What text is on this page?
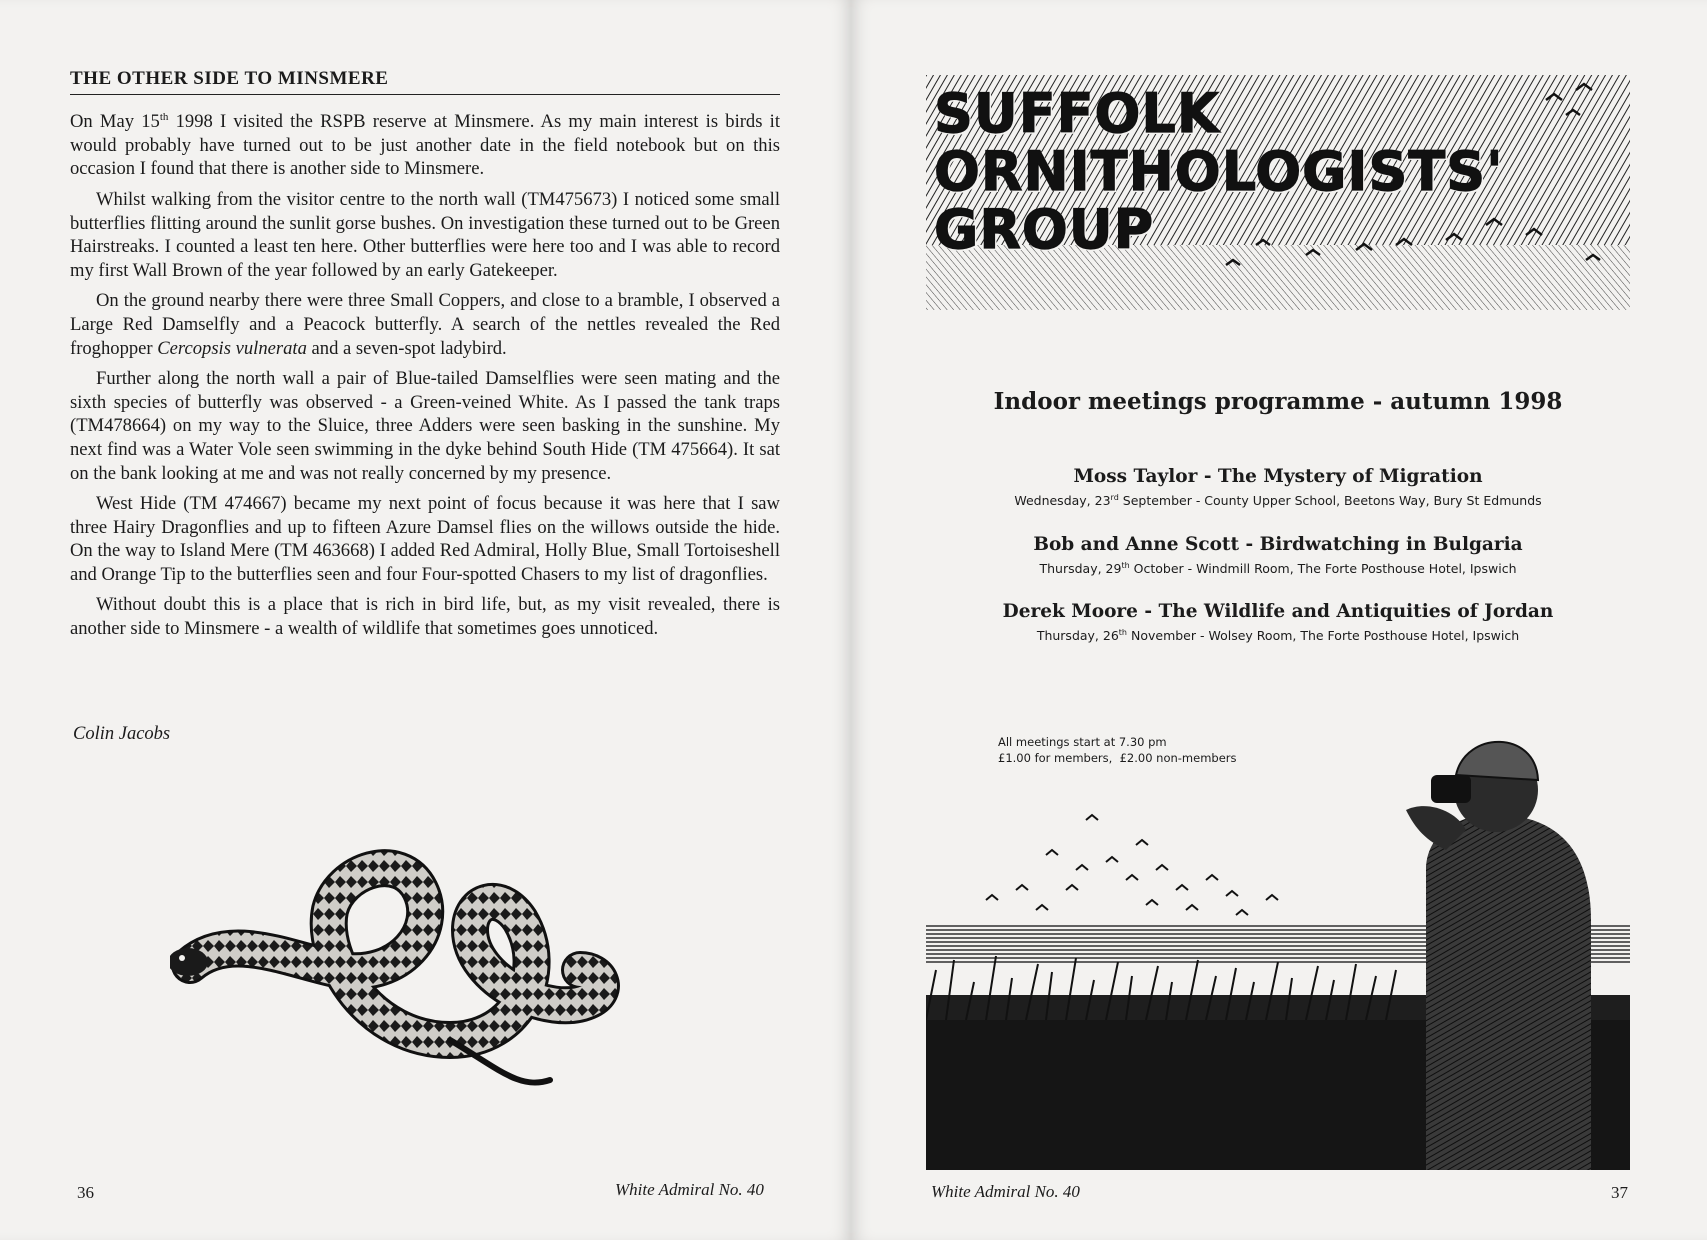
THE OTHER SIDE TO MINSMERE

On May 15th 1998 I visited the RSPB reserve at Minsmere. As my main interest is birds it would probably have turned out to be just another date in the field notebook but on this occasion I found that there is another side to Minsmere.

Whilst walking from the visitor centre to the north wall (TM475673) I noticed some small butterflies flitting around the sunlit gorse bushes. On investigation these turned out to be Green Hairstreaks. I counted a least ten here. Other butterflies were here too and I was able to record my first Wall Brown of the year followed by an early Gatekeeper.

On the ground nearby there were three Small Coppers, and close to a bramble, I observed a Large Red Damselfly and a Peacock butterfly. A search of the nettles revealed the Red froghopper Cercopsis vulnerata and a seven-spot ladybird.

Further along the north wall a pair of Blue-tailed Damselflies were seen mating and the sixth species of butterfly was observed - a Green-veined White. As I passed the tank traps (TM478664) on my way to the Sluice, three Adders were seen basking in the sunshine. My next find was a Water Vole seen swimming in the dyke behind South Hide (TM 475664). It sat on the bank looking at me and was not really concerned by my presence.

West Hide (TM 474667) became my next point of focus because it was here that I saw three Hairy Dragonflies and up to fifteen Azure Damsel flies on the willows outside the hide. On the way to Island Mere (TM 463668) I added Red Admiral, Holly Blue, Small Tortoiseshell and Orange Tip to the butterflies seen and four Four-spotted Chasers to my list of dragonflies.

Without doubt this is a place that is rich in bird life, but, as my visit revealed, there is another side to Minsmere - a wealth of wildlife that sometimes goes unnoticed.

Colin Jacobs
36	White Admiral No. 40
SUFFOLK
ORNITHOLOGISTS'
GROUP
Indoor meetings programme - autumn 1998
Moss Taylor - The Mystery of Migration
Wednesday, 23rd September - County Upper School, Beetons Way, Bury St Edmunds
Bob and Anne Scott - Birdwatching in Bulgaria
Thursday, 29th October - Windmill Room, The Forte Posthouse Hotel, Ipswich
Derek Moore - The Wildlife and Antiquities of Jordan
Thursday, 26th November - Wolsey Room, The Forte Posthouse Hotel, Ipswich
All meetings start at 7.30 pm
£1.00 for members,  £2.00 non-members
White Admiral No. 40	37
